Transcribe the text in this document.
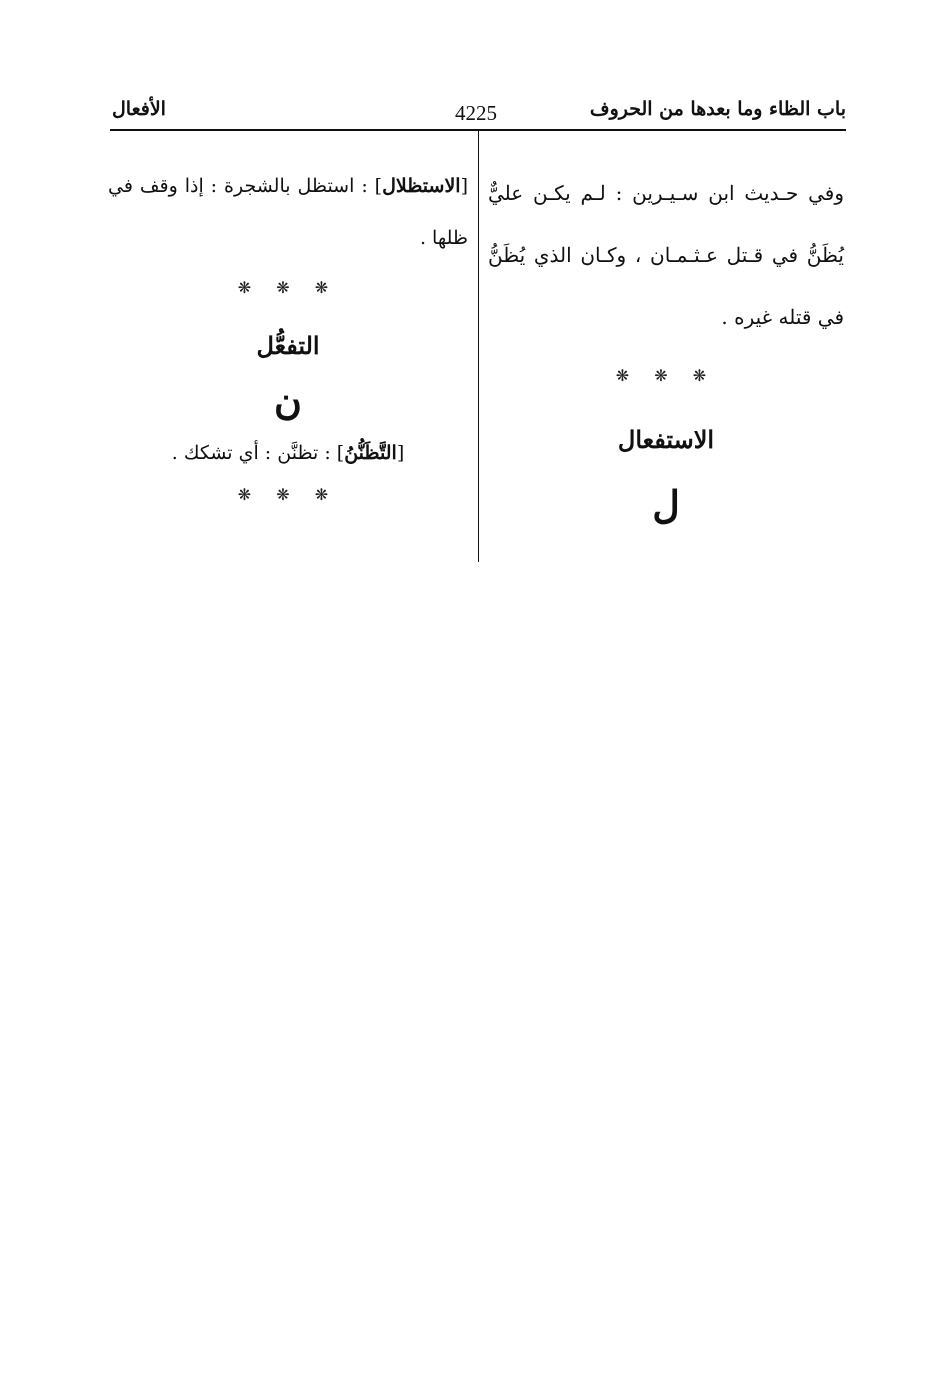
باب الظاء وما بعدها من الحروف
4225
الأفعال

وفي حـديث ابن سـيـرين : لـم يكـن عليٌّ يُظَنُّ في قـتل عـثـمـان ، وكـان الذي يُظَنُّ في قتله غيره .

❋ ❋ ❋
الاستفعال
ل

[الاستظلال] : استظل بالشجرة : إذا وقف في ظلها .

❋ ❋ ❋
التفعُّل
ن

[التَّظَنُّنُ] : تظنَّن : أي تشكك .

❋ ❋ ❋
